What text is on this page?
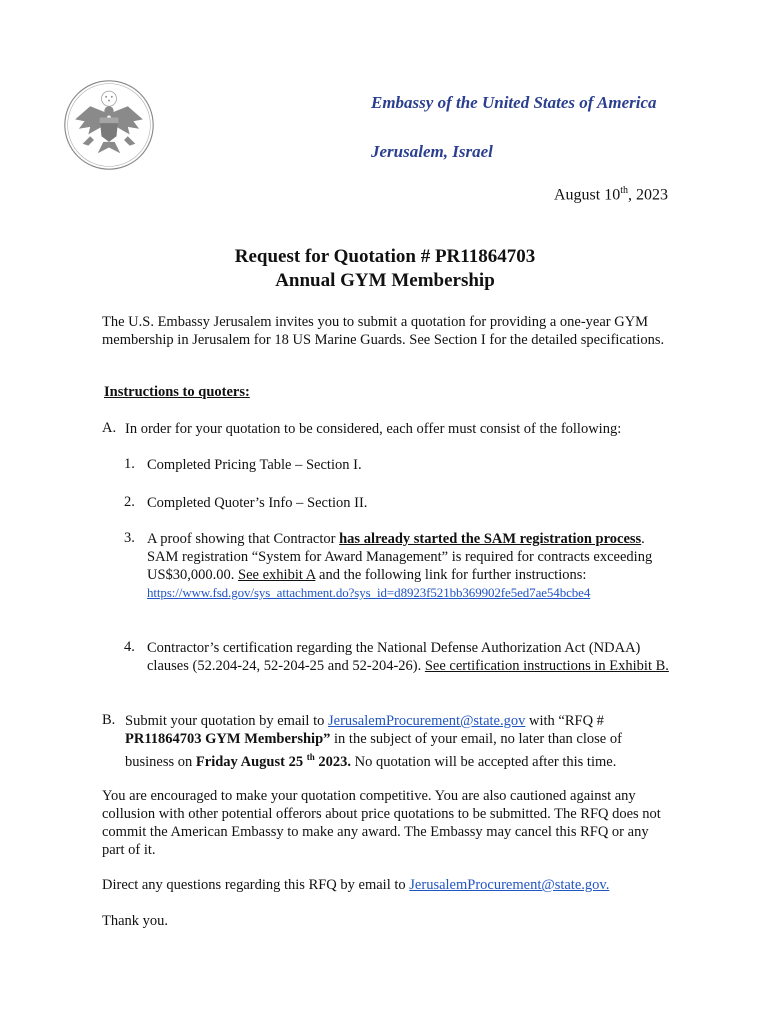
Embassy of the United States of America
Jerusalem, Israel
August 10th, 2023
Request for Quotation # PR11864703
Annual GYM Membership
The U.S. Embassy Jerusalem invites you to submit a quotation for providing a one-year GYM membership in Jerusalem for 18 US Marine Guards. See Section I for the detailed specifications.
Instructions to quoters:
A. In order for your quotation to be considered, each offer must consist of the following:
1. Completed Pricing Table – Section I.
2. Completed Quoter’s Info – Section II.
3. A proof showing that Contractor has already started the SAM registration process.
SAM registration “System for Award Management” is required for contracts exceeding US$30,000.00. See exhibit A and the following link for further instructions:
https://www.fsd.gov/sys_attachment.do?sys_id=d8923f521bb369902fe5ed7ae54bcbe4
4. Contractor’s certification regarding the National Defense Authorization Act (NDAA) clauses (52.204-24, 52-204-25 and 52-204-26). See certification instructions in Exhibit B.
B. Submit your quotation by email to JerusalemProcurement@state.gov with “RFQ # PR11864703 GYM Membership” in the subject of your email, no later than close of business on Friday August 25 $^{th}$ 2023. No quotation will be accepted after this time.
You are encouraged to make your quotation competitive. You are also cautioned against any collusion with other potential offerors about price quotations to be submitted. The RFQ does not commit the American Embassy to make any award. The Embassy may cancel this RFQ or any part of it.
Direct any questions regarding this RFQ by email to JerusalemProcurement@state.gov.
Thank you.
